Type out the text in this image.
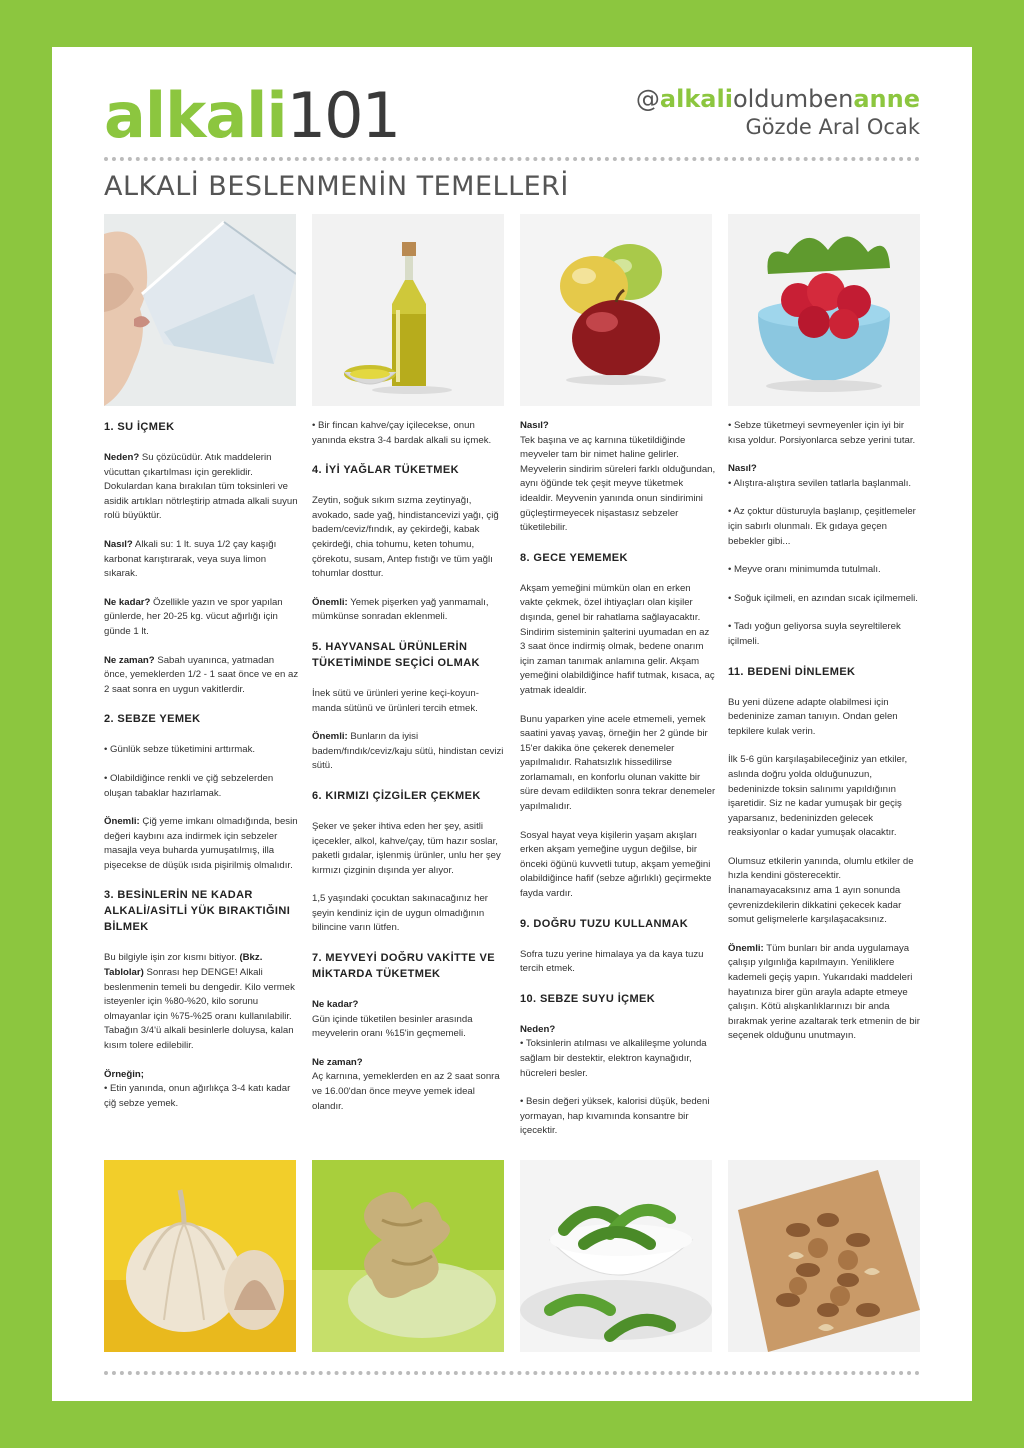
alkali101	@alkalioldumbenanne
Gözde Aral Ocak
ALKALİ BESLENMENİN TEMELLERİ
1. SU İÇMEK

Neden? Su çözücüdür. Atık maddelerin vücuttan çıkartılması için gereklidir. Dokulardan kana bırakılan tüm toksinleri ve asidik artıkları nötrleştirip atmada alkali suyun rolü büyüktür.

Nasıl? Alkali su: 1 lt. suya 1/2 çay kaşığı karbonat karıştırarak, veya suya limon sıkarak.

Ne kadar? Özellikle yazın ve spor yapılan günlerde, her 20-25 kg. vücut ağırlığı için günde 1 lt.

Ne zaman? Sabah uyanınca, yatmadan önce, yemeklerden 1/2 - 1 saat önce ve en az 2 saat sonra en uygun vakitlerdir.

2. SEBZE YEMEK

• Günlük sebze tüketimini arttırmak.

• Olabildiğince renkli ve çiğ sebzelerden oluşan tabaklar hazırlamak.

Önemli: Çiğ yeme imkanı olmadığında, besin değeri kaybını aza indirmek için sebzeler masajla veya buharda yumuşatılmış, illa pişecekse de düşük ısıda pişirilmiş olmalıdır.

3. BESİNLERİN NE KADAR ALKALİ/ASİTLİ YÜK BIRAKTIĞINI BİLMEK

Bu bilgiyle işin zor kısmı bitiyor. (Bkz. Tablolar) Sonrası hep DENGE! Alkali beslenmenin temeli bu dengedir. Kilo vermek isteyenler için %80-%20, kilo sorunu olmayanlar için %75-%25 oranı kullanılabilir. Tabağın 3/4'ü alkali besinlerle doluysa, kalan kısım tolere edilebilir.

Örneğin;

• Etin yanında, onun ağırlıkça 3-4 katı kadar çiğ sebze yemek.

• Bir fincan kahve/çay içilecekse, onun yanında ekstra 3-4 bardak alkali su içmek.

4. İYİ YAĞLAR TÜKETMEK

Zeytin, soğuk sıkım sızma zeytinyağı, avokado, sade yağ, hindistancevizi yağı, çiğ badem/ceviz/fındık, ay çekirdeği, kabak çekirdeği, chia tohumu, keten tohumu, çörekotu, susam, Antep fıstığı ve tüm yağlı tohumlar dosttur.

Önemli: Yemek pişerken yağ yanmamalı, mümkünse sonradan eklenmeli.

5. HAYVANSAL ÜRÜNLERİN TÜKETİMİNDE SEÇİCİ OLMAK

İnek sütü ve ürünleri yerine keçi-koyun-manda sütünü ve ürünleri tercih etmek.

Önemli: Bunların da iyisi badem/fındık/ceviz/kaju sütü, hindistan cevizi sütü.

6. KIRMIZI ÇİZGİLER ÇEKMEK

Şeker ve şeker ihtiva eden her şey, asitli içecekler, alkol, kahve/çay, tüm hazır soslar, paketli gıdalar, işlenmiş ürünler, unlu her şey kırmızı çizginin dışında yer alıyor.

1,5 yaşındaki çocuktan sakınacağınız her şeyin kendiniz için de uygun olmadığının bilincine varın lütfen.

7. MEYVEYİ DOĞRU VAKİTTE VE MİKTARDA TÜKETMEK

Ne kadar?

Gün içinde tüketilen besinler arasında meyvelerin oranı %15'in geçmemeli.

Ne zaman?

Aç karnına, yemeklerden en az 2 saat sonra ve 16.00'dan önce meyve yemek ideal olandır.

Nasıl?

Tek başına ve aç karnına tüketildiğinde meyveler tam bir nimet haline gelirler. Meyvelerin sindirim süreleri farklı olduğundan, aynı öğünde tek çeşit meyve tüketmek idealdir. Meyvenin yanında onun sindirimini güçleştirmeyecek nişastasız sebzeler tüketilebilir.

8. GECE YEMEMEK

Akşam yemeğini mümkün olan en erken vakte çekmek, özel ihtiyaçları olan kişiler dışında, genel bir rahatlama sağlayacaktır. Sindirim sisteminin şalterini uyumadan en az 3 saat önce indirmiş olmak, bedene onarım için zaman tanımak anlamına gelir. Akşam yemeğini olabildiğince hafif tutmak, kısaca, aç yatmak idealdir.

Bunu yaparken yine acele etmemeli, yemek saatini yavaş yavaş, örneğin her 2 günde bir 15'er dakika öne çekerek denemeler yapılmalıdır. Rahatsızlık hissedilirse zorlamamalı, en konforlu olunan vakitte bir süre devam edildikten sonra tekrar denemeler yapılmalıdır.

Sosyal hayat veya kişilerin yaşam akışları erken akşam yemeğine uygun değilse, bir önceki öğünü kuvvetli tutup, akşam yemeğini olabildiğince hafif (sebze ağırlıklı) geçirmekte fayda vardır.

9. DOĞRU TUZU KULLANMAK

Sofra tuzu yerine himalaya ya da kaya tuzu tercih etmek.

10. SEBZE SUYU İÇMEK

Neden?

• Toksinlerin atılması ve alkalileşme yolunda sağlam bir destektir, elektron kaynağıdır, hücreleri besler.

• Besin değeri yüksek, kalorisi düşük, bedeni yormayan, hap kıvamında konsantre bir içecektir.

• Sebze tüketmeyi sevmeyenler için iyi bir kısa yoldur. Porsiyonlarca sebze yerini tutar.

Nasıl?

• Alıştıra-alıştıra sevilen tatlarla başlanmalı.

• Az çoktur düsturuyla başlanıp, çeşitlemeler için sabırlı olunmalı. Ek gıdaya geçen bebekler gibi...

• Meyve oranı minimumda tutulmalı.

• Soğuk içilmeli, en azından sıcak içilmemeli.

• Tadı yoğun geliyorsa suyla seyreltilerek içilmeli.

11. BEDENİ DİNLEMEK

Bu yeni düzene adapte olabilmesi için bedeninize zaman tanıyın. Ondan gelen tepkilere kulak verin.

İlk 5-6 gün karşılaşabileceğiniz yan etkiler, aslında doğru yolda olduğunuzun, bedeninizde toksin salınımı yapıldığının işaretidir. Siz ne kadar yumuşak bir geçiş yaparsanız, bedeninizden gelecek reaksiyonlar o kadar yumuşak olacaktır.

Olumsuz etkilerin yanında, olumlu etkiler de hızla kendini gösterecektir. İnanamayacaksınız ama 1 ayın sonunda çevrenizdekilerin dikkatini çekecek kadar somut gelişmelerle karşılaşacaksınız.

Önemli: Tüm bunları bir anda uygulamaya çalışıp yılgınlığa kapılmayın. Yeniliklere kademeli geçiş yapın. Yukarıdaki maddeleri hayatınıza birer gün arayla adapte etmeye çalışın. Kötü alışkanlıklarınızı bir anda bırakmak yerine azaltarak terk etmenin de bir seçenek olduğunu unutmayın.
